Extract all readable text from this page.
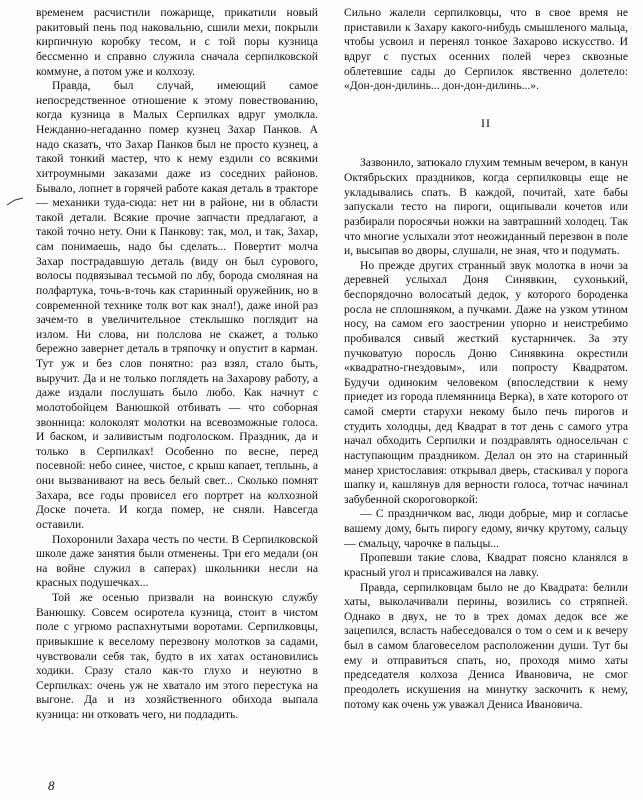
временем расчистили пожарище, прикатили новый ракитовый пень под наковальню, сшили мехи, покрыли кирпичную коробку тесом, и с той поры кузница бессменно и справно служила сначала серпилковской коммуне, а потом уже и колхозу.

Правда, был случай, имеющий самое непосредственное отношение к этому повествованию, когда кузница в Малых Серпилках вдруг умолкла. Нежданно-негаданно помер кузнец Захар Панков. А надо сказать, что Захар Панков был не просто кузнец, а такой тонкий мастер, что к нему ездили со всякими хитроумными заказами даже из соседних районов. Бывало, лопнет в горячей работе какая деталь в тракторе — механики туда-сюда: нет ни в районе, ни в области такой детали. Всякие прочие запчасти предлагают, а такой точно нету. Они к Панкову: так, мол, и так, Захар, сам понимаешь, надо бы сделать... Повертит молча Захар пострадавшую деталь (виду он был сурового, волосы подвязывал тесьмой по лбу, борода смоляная на полфартука, точь-в-точь как старинный оружейник, но в современной технике толк вот как знал!), даже иной раз зачем-то в увеличительное стеклышко поглядит на излом. Ни слова, ни полслова не скажет, а только бережно завернет деталь в тряпочку и опустит в карман. Тут уж и без слов понятно: раз взял, стало быть, выручит. Да и не только поглядеть на Захарову работу, а даже издали послушать было любо. Как начнут с молотобойцем Ванюшкой отбивать — что соборная звонница: колоколят молотки на всевозможные голоса. И баском, и заливистым подголоском. Праздник, да и только в Серпилках! Особенно по весне, перед посевной: небо синее, чистое, с крыш капает, теплынь, а они вызванивают на весь белый свет... Сколько помнят Захара, все годы провисел его портрет на колхозной Доске почета. И когда помер, не сняли. Навсегда оставили.

Похоронили Захара честь по чести. В Серпилковской школе даже занятия были отменены. Три его медали (он на войне служил в саперах) школьники несли на красных подушечках...

Той же осенью призвали на воинскую службу Ванюшку. Совсем осиротела кузница, стоит в чистом поле с угрюмо распахнутыми воротами. Серпилковцы, привыкшие к веселому перезвону молотков за садами, чувствовали себя так, будто в их хатах остановились ходики. Сразу стало как-то глухо и неуютно в Серпилках: очень уж не хватало им этого перестука на выгоне. Да и из хозяйственного обихода выпала кузница: ни отковать чего, ни подладить.

Сильно жалели серпилковцы, что в свое время не приставили к Захару какого-нибудь смышленого мальца, чтобы усвоил и перенял тонкое Захарово искусство. И вдруг с пустых осенних полей через сквозные облетевшие сады до Серпилок явственно долетело: «Дон-дон-дилинь... дон-дон-дилинь...».

II

Зазвонило, затюкало глухим темным вечером, в канун Октябрьских праздников, когда серпилковцы еще не укладывались спать. В каждой, почитай, хате бабы запускали тесто на пироги, ощипывали кочетов или разбирали поросячьи ножки на завтрашний холодец. Так что многие услыхали этот неожиданный перезвон в поле и, высыпав во дворы, слушали, не зная, что и подумать.

Но прежде других странный звук молотка в ночи за деревней услыхал Доня Синявкин, сухонький, беспорядочно волосатый дедок, у которого бороденка росла не сплошняком, а пучками. Даже на узком утином носу, на самом его заострении упорно и неистребимо пробивался сивый жесткий кустарничек. За эту пучковатую поросль Доню Синявкина окрестили «квадратно-гнездовым», или попросту Квадратом. Будучи одиноким человеком (впоследствии к нему приедет из города племянница Верка), в хате которого от самой смерти старухи некому было печь пирогов и студить холодцы, дед Квадрат в тот день с самого утра начал обходить Серпилки и поздравлять односельчан с наступающим праздником. Делал он это на старинный манер христославия: открывал дверь, стаскивал у порога шапку и, кашлянув для верности голоса, тотчас начинал забубенной скороговоркой:

— С праздничком вас, люди добрые, мир и согласье вашему дому, быть пирогу едому, яичку крутому, сальцу — смальцу, чарочке в пальцы...

Пропевши такие слова, Квадрат поясно кланялся в красный угол и присаживался на лавку.

Правда, серпилковцам было не до Квадрата: белили хаты, выколачивали перины, возились со стряпней. Однако в двух, не то в трех домах дедок все же зацепился, всласть набеседовался о том о сем и к вечеру был в самом благовеселом расположении души. Тут бы ему и отправиться спать, но, проходя мимо хаты председателя колхоза Дениса Ивановича, не смог преодолеть искушения на минутку заскочить к нему, потому как очень уж уважал Дениса Ивановича.

8
